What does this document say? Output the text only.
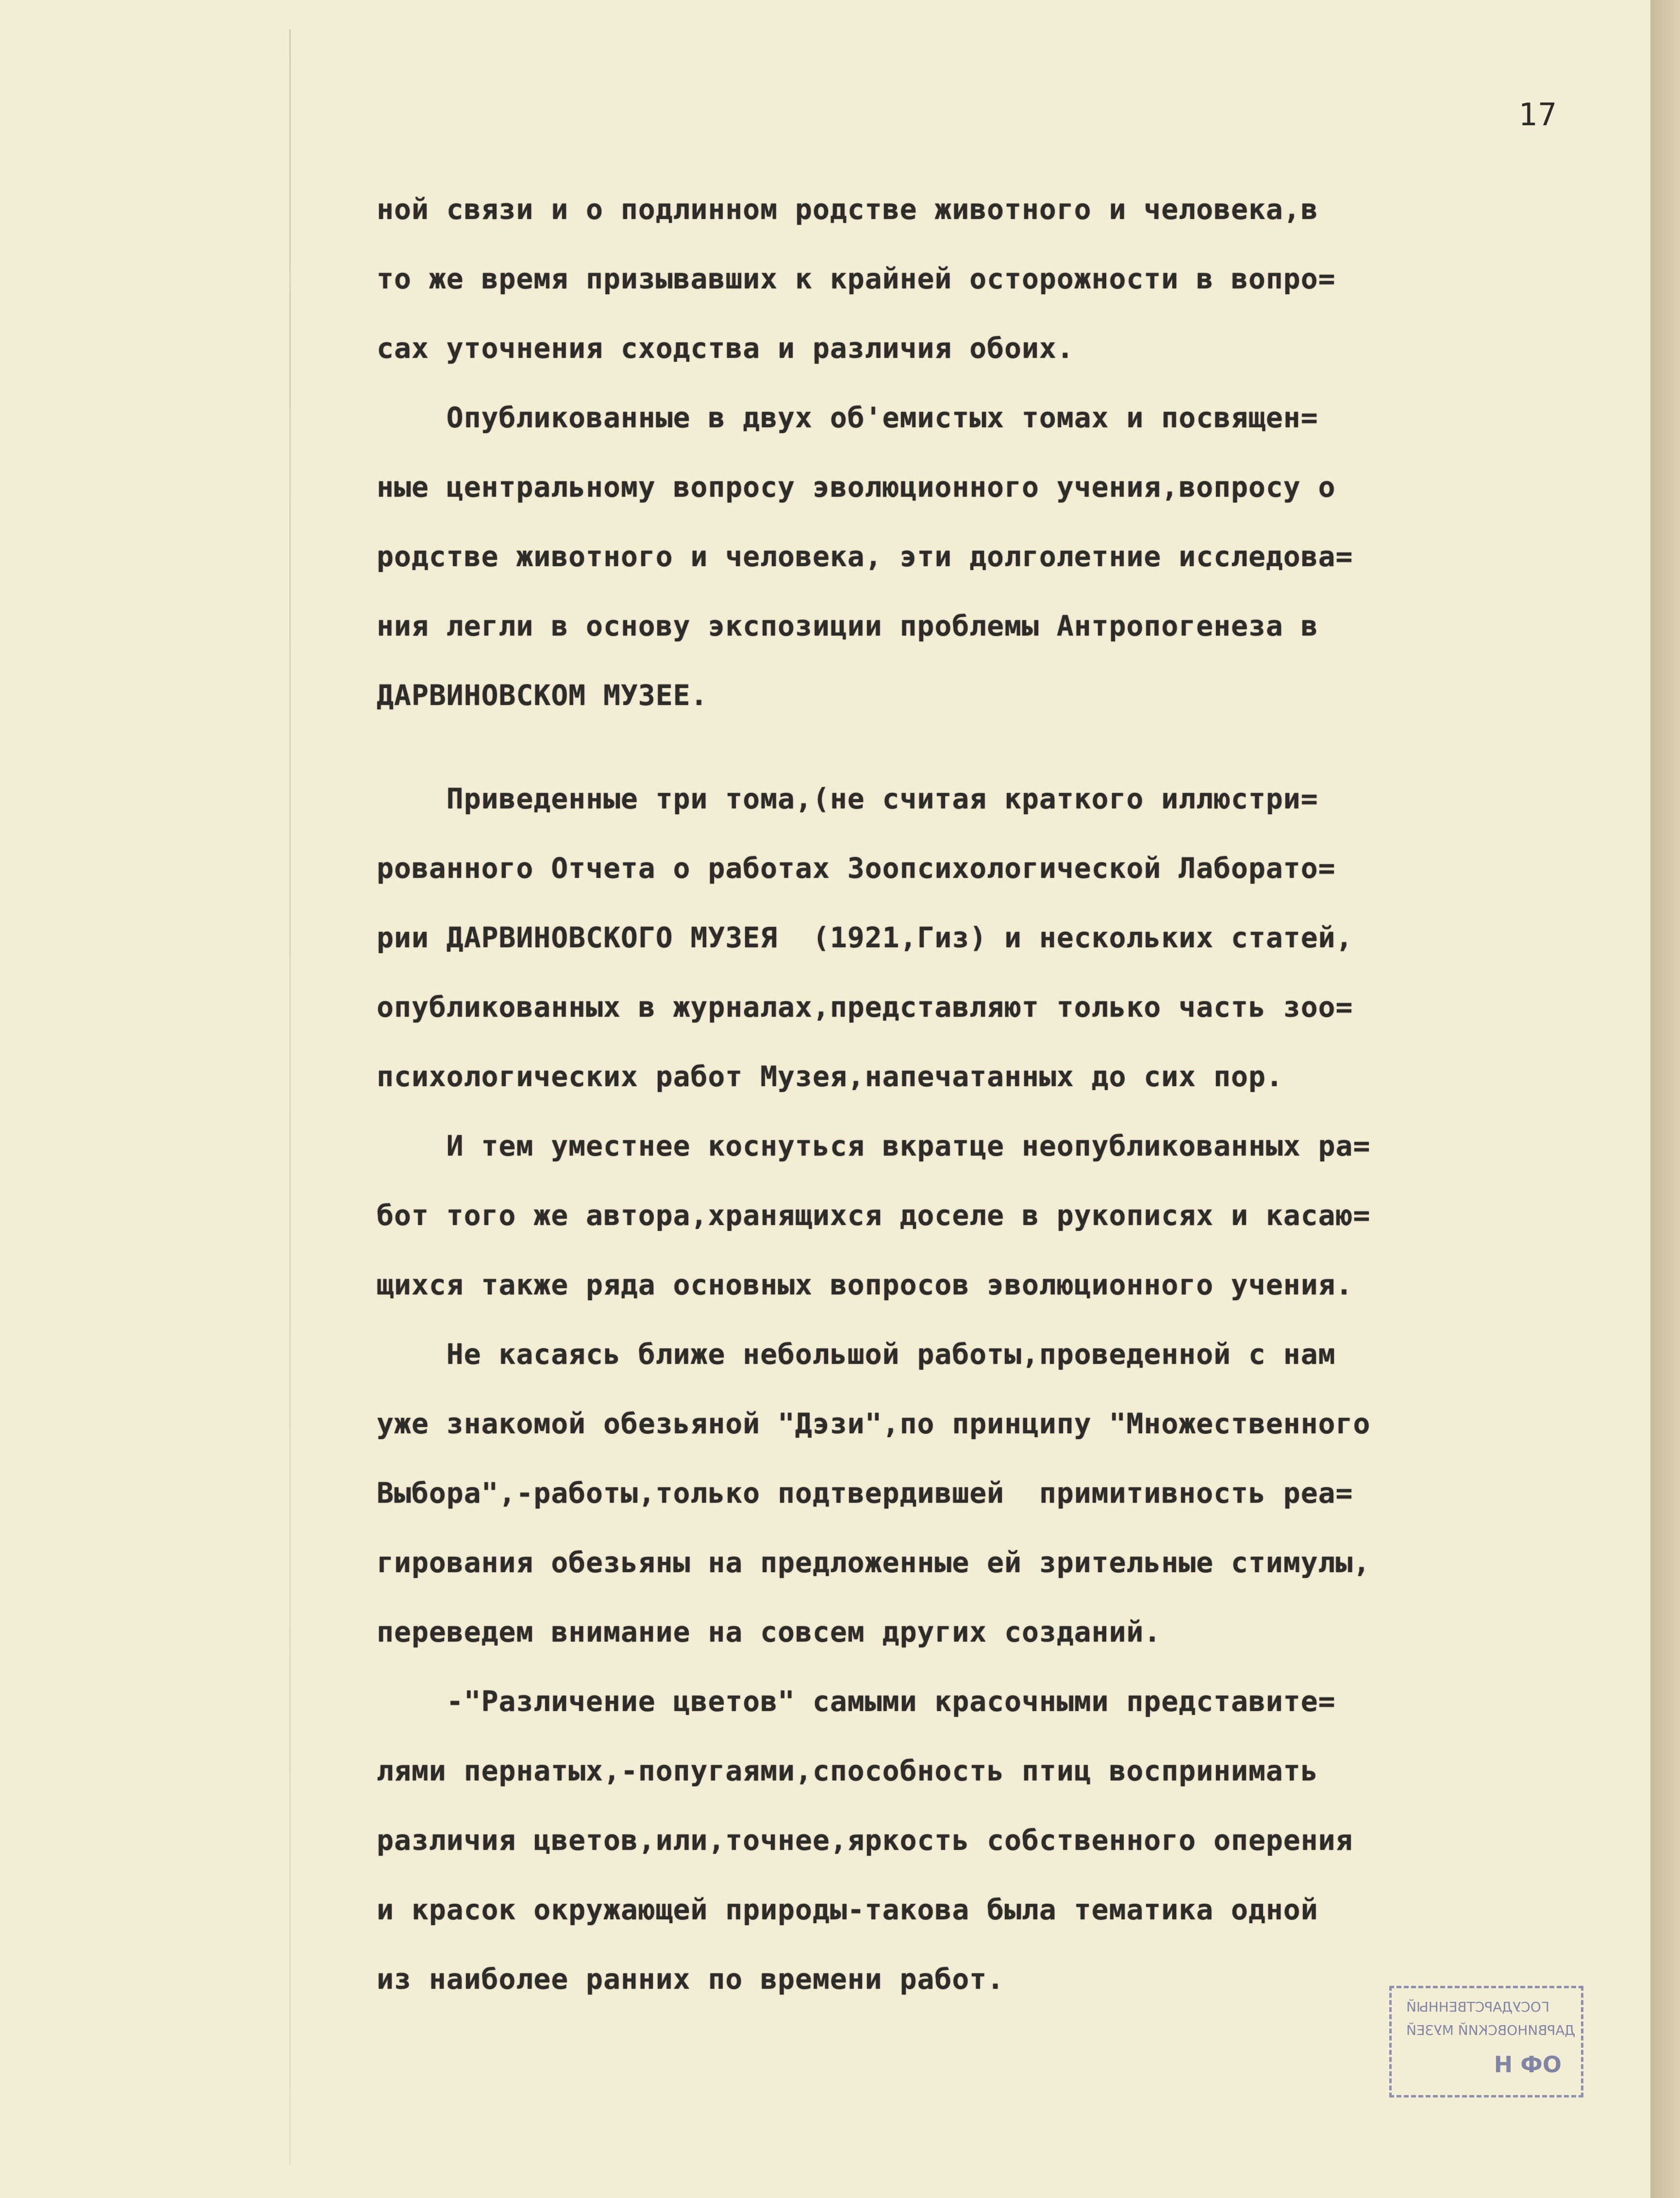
17
ной связи и о подлинном родстве животного и человека,в
то же время призывавших к крайней осторожности в вопро=
сах уточнения сходства и различия обоих.
Опубликованные в двух об'емистых томах и посвящен=
ные центральному вопросу эволюционного учения,вопросу о
родстве животного и человека, эти долголетние исследова=
ния легли в основу экспозиции проблемы Антропогенеза в
ДАРВИНОВСКОМ МУЗЕЕ.
Приведенные три тома,(не считая краткого иллюстри=
рованного Отчета о работах Зоопсихологической Лаборато=
рии ДАРВИНОВСКОГО МУЗЕЯ  (1921,Гиз) и нескольких статей,
опубликованных в журналах,представляют только часть зоо=
психологических работ Музея,напечатанных до сих пор.
И тем уместнее коснуться вкратце неопубликованных ра=
бот того же автора,хранящихся доселе в рукописях и касаю=
щихся также ряда основных вопросов эволюционного учения.
Не касаясь ближе небольшой работы,проведенной с нам
уже знакомой обезьяной "Дэзи",по принципу "Множественного
Выбора",-работы,только подтвердившей  примитивность реа=
гирования обезьяны на предложенные ей зрительные стимулы,
переведем внимание на совсем других созданий.
-"Различение цветов" самыми красочными представите=
лями пернатых,-попугаями,способность птиц воспринимать
различия цветов,или,точнее,яркость собственного оперения
и красок окружающей природы-такова была тематика одной
из наиболее ранних по времени работ.
ГОСУДАРСТВЕННЫЙ
ДАРВИНОВСКИЙ МУЗЕЙ
Н ФО
